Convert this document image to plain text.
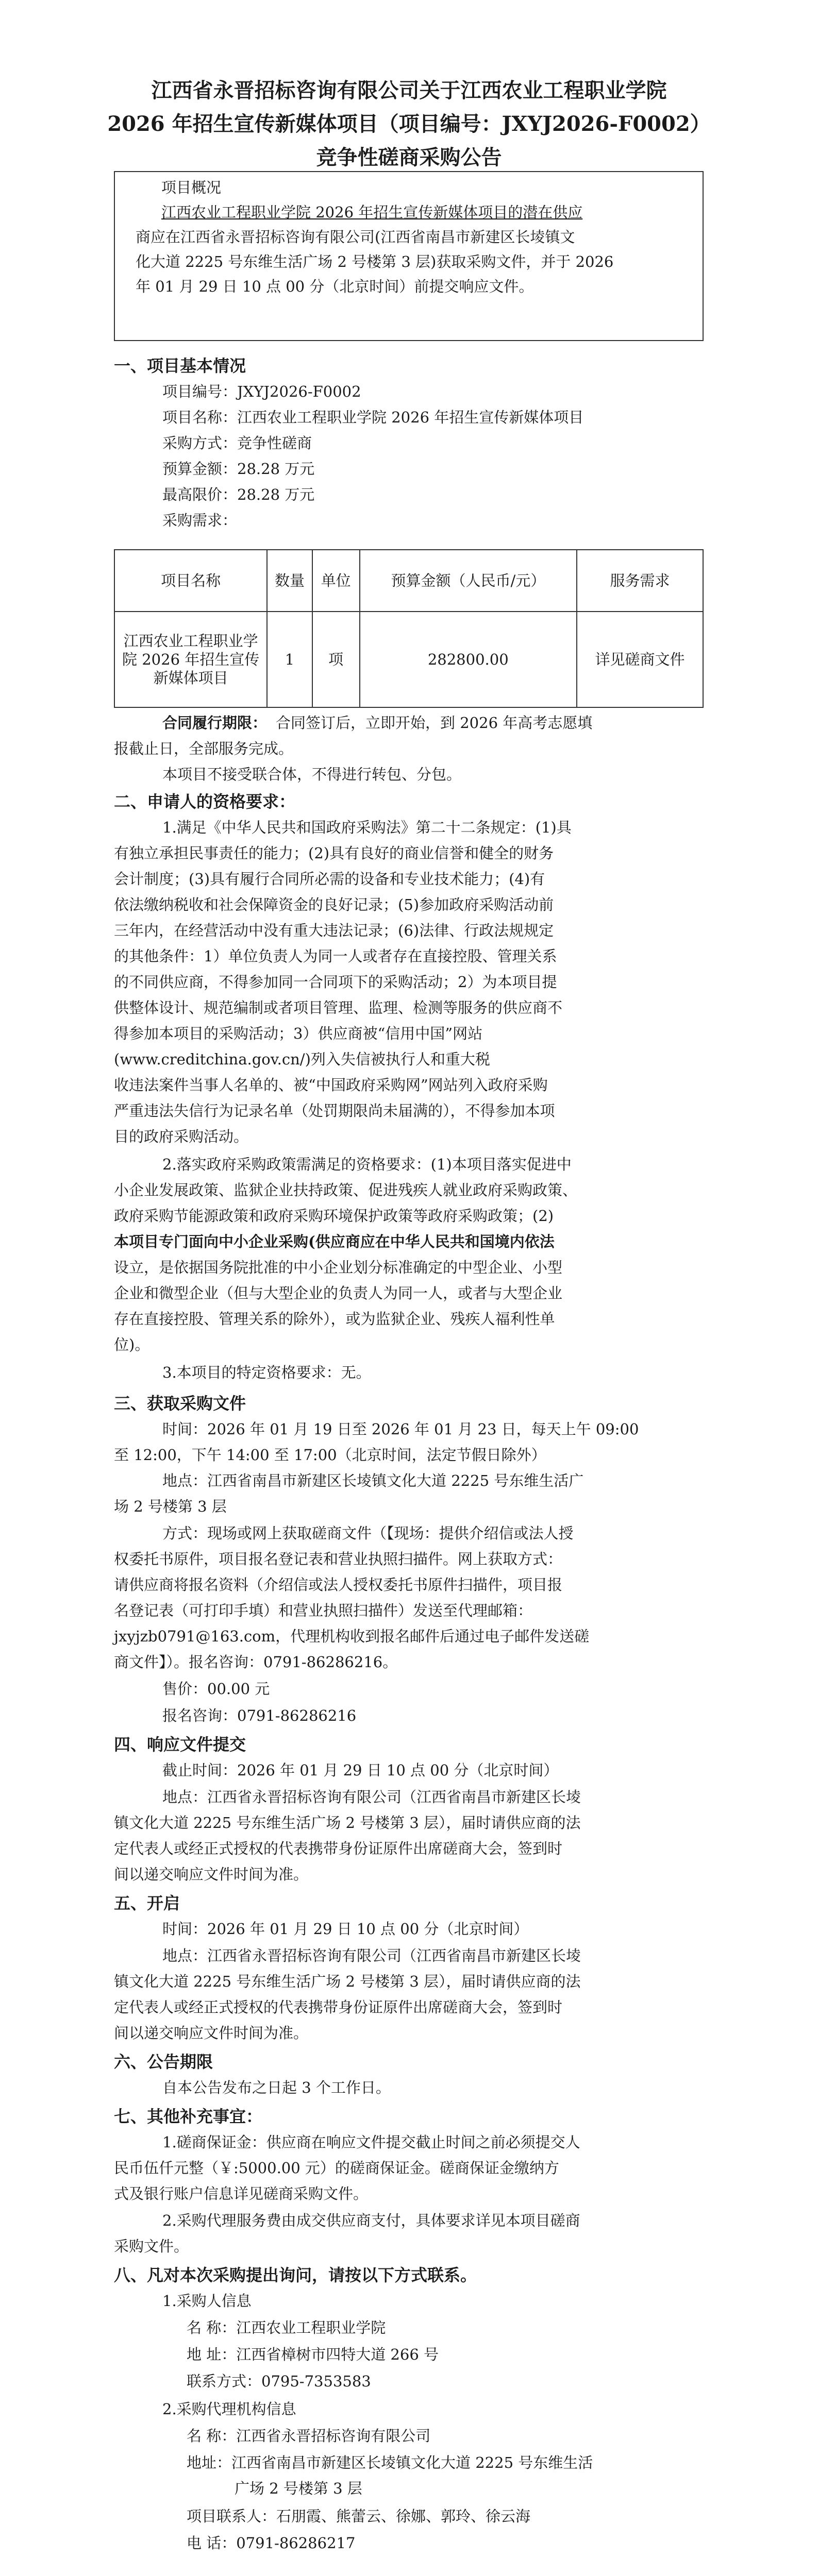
江西省永晋招标咨询有限公司关于江西农业工程职业学院
2026 年招生宣传新媒体项目（项目编号：JXYJ2026-F0002）
竞争性磋商采购公告
项目概况
江西农业工程职业学院 2026 年招生宣传新媒体项目的潜在供应
商应在江西省永晋招标咨询有限公司(江西省南昌市新建区长堎镇文
化大道 2225 号东维生活广场 2 号楼第 3 层)获取采购文件，并于 2026
年 01 月 29 日 10 点 00 分（北京时间）前提交响应文件。
一、项目基本情况
项目编号：JXYJ2026-F0002
项目名称：江西农业工程职业学院 2026 年招生宣传新媒体项目
采购方式：竞争性磋商
预算金额：28.28 万元
最高限价：28.28 万元
采购需求：
项目名称	数量	单位	预算金额（人民币/元）	服务需求
江西农业工程职业学院 2026 年招生宣传新媒体项目	1	项	282800.00	详见磋商文件
合同履行期限： 合同签订后，立即开始，到 2026 年高考志愿填
报截止日，全部服务完成。
本项目不接受联合体，不得进行转包、分包。
二、申请人的资格要求：
1.满足《中华人民共和国政府采购法》第二十二条规定：(1)具
有独立承担民事责任的能力；(2)具有良好的商业信誉和健全的财务
会计制度；(3)具有履行合同所必需的设备和专业技术能力；(4)有
依法缴纳税收和社会保障资金的良好记录；(5)参加政府采购活动前
三年内，在经营活动中没有重大违法记录；(6)法律、行政法规规定
的其他条件：1）单位负责人为同一人或者存在直接控股、管理关系
的不同供应商，不得参加同一合同项下的采购活动；2）为本项目提
供整体设计、规范编制或者项目管理、监理、检测等服务的供应商不
得参加本项目的采购活动；3）供应商被“信用中国”网站
(www.creditchina.gov.cn/)列入失信被执行人和重大税
收违法案件当事人名单的、被“中国政府采购网”网站列入政府采购
严重违法失信行为记录名单（处罚期限尚未届满的），不得参加本项
目的政府采购活动。
2.落实政府采购政策需满足的资格要求：(1)本项目落实促进中
小企业发展政策、监狱企业扶持政策、促进残疾人就业政府采购政策、
政府采购节能源政策和政府采购环境保护政策等政府采购政策；(2)
本项目专门面向中小企业采购(供应商应在中华人民共和国境内依法
设立，是依据国务院批准的中小企业划分标准确定的中型企业、小型
企业和微型企业（但与大型企业的负责人为同一人，或者与大型企业
存在直接控股、管理关系的除外），或为监狱企业、残疾人福利性单
位)。
3.本项目的特定资格要求：无。
三、获取采购文件
时间：2026 年 01 月 19 日至 2026 年 01 月 23 日，每天上午 09:00
至 12:00，下午 14:00 至 17:00（北京时间，法定节假日除外）
地点：江西省南昌市新建区长堎镇文化大道 2225 号东维生活广
场 2 号楼第 3 层
方式：现场或网上获取磋商文件（【现场：提供介绍信或法人授
权委托书原件，项目报名登记表和营业执照扫描件。网上获取方式：
请供应商将报名资料（介绍信或法人授权委托书原件扫描件，项目报
名登记表（可打印手填）和营业执照扫描件）发送至代理邮箱：
jxyjzb0791@163.com，代理机构收到报名邮件后通过电子邮件发送磋
商文件】）。报名咨询：0791-86286216。
售价：00.00 元
报名咨询：0791-86286216
四、响应文件提交
截止时间：2026 年 01 月 29 日 10 点 00 分（北京时间）
地点：江西省永晋招标咨询有限公司（江西省南昌市新建区长堎
镇文化大道 2225 号东维生活广场 2 号楼第 3 层），届时请供应商的法
定代表人或经正式授权的代表携带身份证原件出席磋商大会，签到时
间以递交响应文件时间为准。
五、开启
时间：2026 年 01 月 29 日 10 点 00 分（北京时间）
地点：江西省永晋招标咨询有限公司（江西省南昌市新建区长堎
镇文化大道 2225 号东维生活广场 2 号楼第 3 层），届时请供应商的法
定代表人或经正式授权的代表携带身份证原件出席磋商大会，签到时
间以递交响应文件时间为准。
六、公告期限
自本公告发布之日起 3 个工作日。
七、其他补充事宜：
1.磋商保证金：供应商在响应文件提交截止时间之前必须提交人
民币伍仟元整（￥:5000.00 元）的磋商保证金。磋商保证金缴纳方
式及银行账户信息详见磋商采购文件。
2.采购代理服务费由成交供应商支付，具体要求详见本项目磋商
采购文件。
八、凡对本次采购提出询问，请按以下方式联系。
1.采购人信息
名 称：江西农业工程职业学院
地 址：江西省樟树市四特大道 266 号
联系方式：0795-7353583
2.采购代理机构信息
名 称：江西省永晋招标咨询有限公司
地址：江西省南昌市新建区长堎镇文化大道 2225 号东维生活
广场 2 号楼第 3 层
项目联系人：石朋霞、熊蕾云、徐娜、郭玲、徐云海
电 话：0791-86286217
